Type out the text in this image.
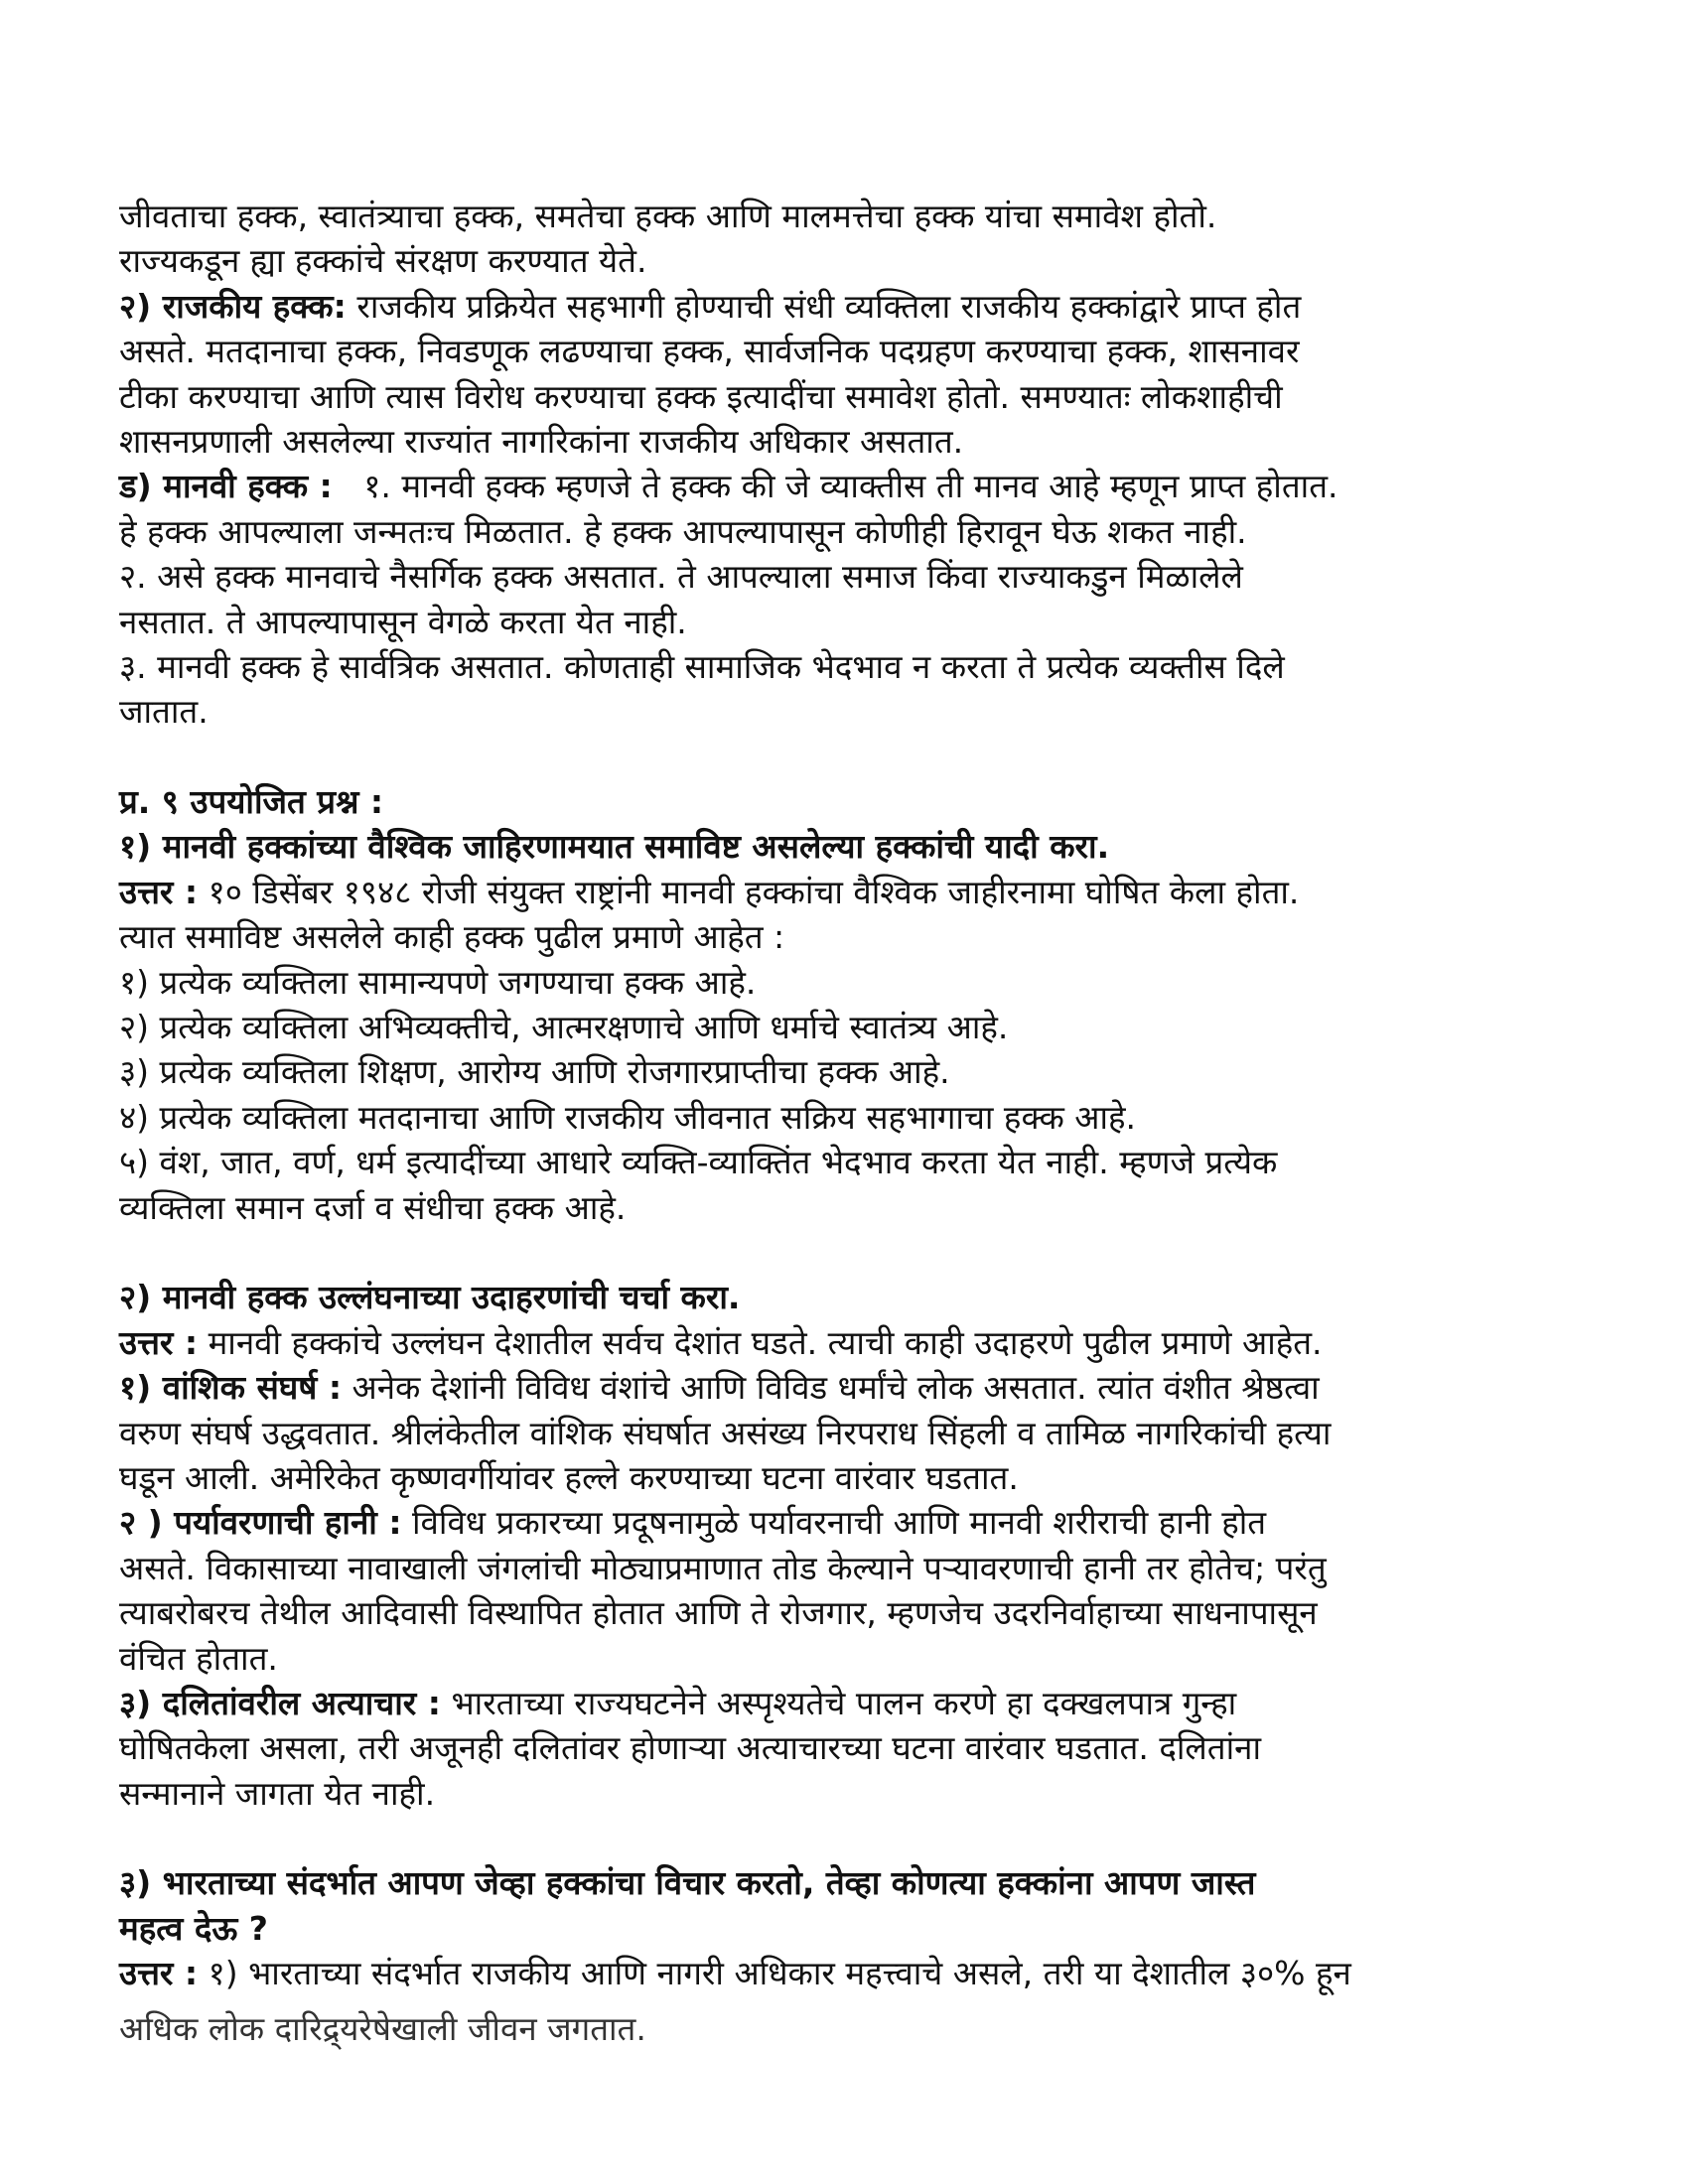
जीवताचा हक्क, स्वातंत्र्याचा हक्क, समतेचा हक्क आणि मालमत्तेचा हक्क यांचा समावेश होतो.
राज्यकडून ह्या हक्कांचे संरक्षण करण्यात येते.
२) राजकीय हक्क: राजकीय प्रक्रियेत सहभागी होण्याची संधी व्यक्तिला राजकीय हक्कांद्वारे प्राप्त होत
असते. मतदानाचा हक्क, निवडणूक लढण्याचा हक्क, सार्वजनिक पदग्रहण करण्याचा हक्क, शासनावर
टीका करण्याचा आणि त्यास विरोध करण्याचा हक्क इत्यादींचा समावेश होतो. समण्यातः लोकशाहीची
शासनप्रणाली असलेल्या राज्यांत नागरिकांना राजकीय अधिकार असतात.
ड) मानवी हक्क :   १. मानवी हक्क म्हणजे ते हक्क की जे व्याक्तीस ती मानव आहे म्हणून प्राप्त होतात.
हे हक्क आपल्याला जन्मतःच मिळतात. हे हक्क आपल्यापासून कोणीही हिरावून घेऊ शकत नाही.
२. असे हक्क मानवाचे नैसर्गिक हक्क असतात. ते आपल्याला समाज किंवा राज्याकडुन मिळालेले
नसतात. ते आपल्यापासून वेगळे करता येत नाही.
३. मानवी हक्क हे सार्वत्रिक असतात. कोणताही सामाजिक भेदभाव न करता ते प्रत्येक व्यक्तीस दिले
जातात.
प्र. ९ उपयोजित प्रश्न :
१) मानवी हक्कांच्या वैश्विक जाहिरणामयात समाविष्ट असलेल्या हक्कांची यादी करा.
उत्तर : १० डिसेंबर १९४८ रोजी संयुक्त राष्ट्रांनी मानवी हक्कांचा वैश्विक जाहीरनामा घोषित केला होता.
त्यात समाविष्ट असलेले काही हक्क पुढील प्रमाणे आहेत :
१) प्रत्येक व्यक्तिला सामान्यपणे जगण्याचा हक्क आहे.
२) प्रत्येक व्यक्तिला अभिव्यक्तीचे, आत्मरक्षणाचे आणि धर्माचे स्वातंत्र्य आहे.
३) प्रत्येक व्यक्तिला शिक्षण, आरोग्य आणि रोजगारप्राप्तीचा हक्क आहे.
४) प्रत्येक व्यक्तिला मतदानाचा आणि राजकीय जीवनात सक्रिय सहभागाचा हक्क आहे.
५) वंश, जात, वर्ण, धर्म इत्यादींच्या आधारे व्यक्ति-व्याक्तिंत भेदभाव करता येत नाही. म्हणजे प्रत्येक
व्यक्तिला समान दर्जा व संधीचा हक्क आहे.
२) मानवी हक्क उल्लंघनाच्या उदाहरणांची चर्चा करा.
उत्तर : मानवी हक्कांचे उल्लंघन देशातील सर्वच देशांत घडते. त्याची काही उदाहरणे पुढील प्रमाणे आहेत.
१) वांशिक संघर्ष : अनेक देशांनी विविध वंशांचे आणि विविड धर्मांचे लोक असतात. त्यांत वंशीत श्रेष्ठत्वा
वरुण संघर्ष उद्धवतात. श्रीलंकेतील वांशिक संघर्षात असंख्य निरपराध सिंहली व तामिळ नागरिकांची हत्या
घडून आली. अमेरिकेत कृष्णवर्गीयांवर हल्ले करण्याच्या घटना वारंवार घडतात.
२ ) पर्यावरणाची हानी : विविध प्रकारच्या प्रदूषनामुळे पर्यावरनाची आणि मानवी शरीराची हानी होत
असते. विकासाच्या नावाखाली जंगलांची मोठ्याप्रमाणात तोड केल्याने पऱ्यावरणाची हानी तर होतेच; परंतु
त्याबरोबरच तेथील आदिवासी विस्थापित होतात आणि ते रोजगार, म्हणजेच उदरनिर्वाहाच्या साधनापासून
वंचित होतात.
३) दलितांवरील अत्याचार : भारताच्या राज्यघटनेने अस्पृश्यतेचे पालन करणे हा दक्खलपात्र गुन्हा
घोषितकेला असला, तरी अजूनही दलितांवर होणाऱ्या अत्याचारच्या घटना वारंवार घडतात. दलितांना
सन्मानाने जागता येत नाही.
३) भारताच्या संदर्भात आपण जेव्हा हक्कांचा विचार करतो, तेव्हा कोणत्या हक्कांना आपण जास्त
महत्व देऊ ?
उत्तर : १) भारताच्या संदर्भात राजकीय आणि नागरी अधिकार महत्त्वाचे असले, तरी या देशातील ३०% हून
अधिक लोक दारिद्र्यरेषेखाली जीवन जगतात.
